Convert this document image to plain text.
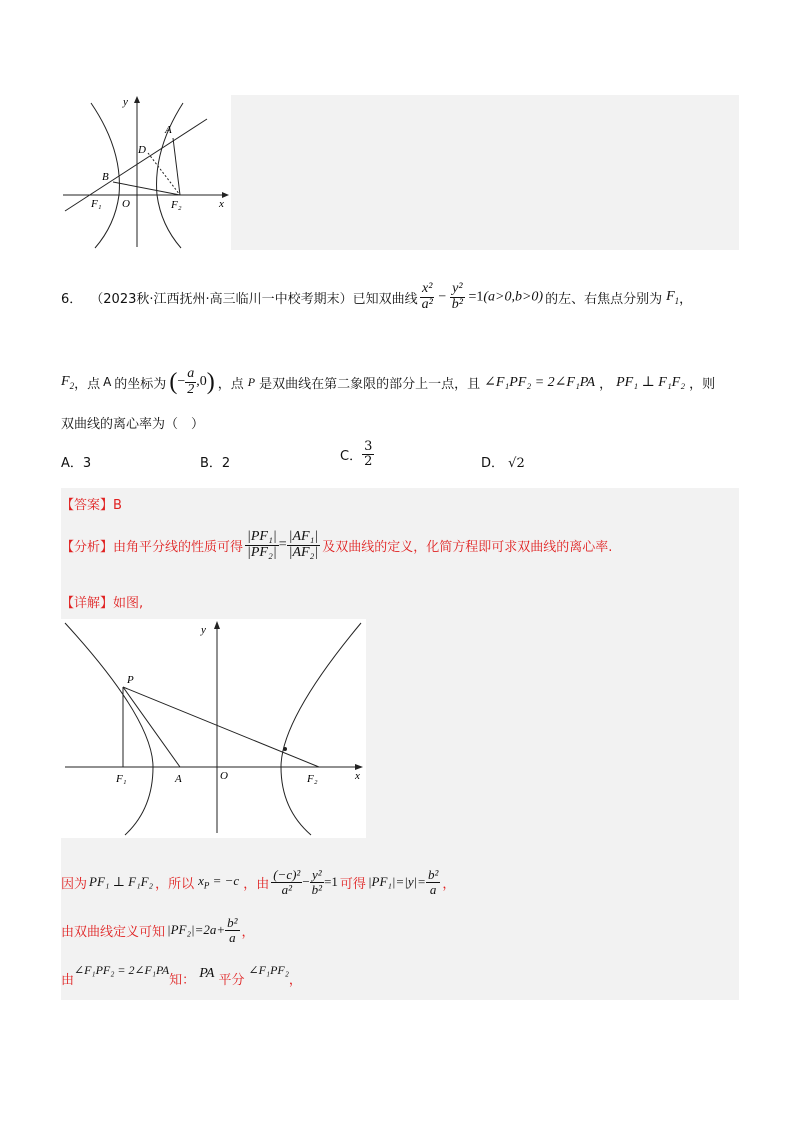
y
x
A
B
D
O
F₁	F₂
6． （2023秋·江西抚州·高三临川一中校考期末） 已知双曲线 $\frac{\text{x²}}{\text{a²}} - \frac{\text{y²}}{\text{b²}} =1(a>0,b>0)$ 的左、右焦点分别为 $F_1$ ，
$F_2$ ，点 A 的坐标为 ( − $\frac{a}{2} ,0$ ) ，点 P 是双曲线在第二象限的部分上一点，且 ∠F₁PF₂ = 2∠F₁PA ， PF₁ ⊥ F₁F₂ ，则
双曲线的离心率为（　）
A．3	B．2	C． $\frac{3}{2}$	D． √2
【答案】B
【分析】 由角平分线的性质可得 $\frac{\text{|PF₁|}}{\text{|PF₂|}} = \frac{\text{|AF₁|}}{\text{|AF₂|}}$ 及双曲线的定义，化简方程即可求双曲线的离心率.
【详解】如图,
P
y
x
F₁	A	O	F₂
因为 PF₁ ⊥ F₁F₂ ，所以 $x_P = -c$ ，由 $\frac{\text{(−c)²}}{\text{a²}} - \frac{\text{y²}}{\text{b²}} =1$ 可得 $|PF_1|=|y|= \frac{\text{b²}}{a}$ ，
由双曲线定义可知 $|PF_2|=2a+ \frac{\text{b²}}{a}$ ，
由
∠F₁PF₂ = 2∠F₁PA
知： PA 平分
∠F₁PF₂
，
